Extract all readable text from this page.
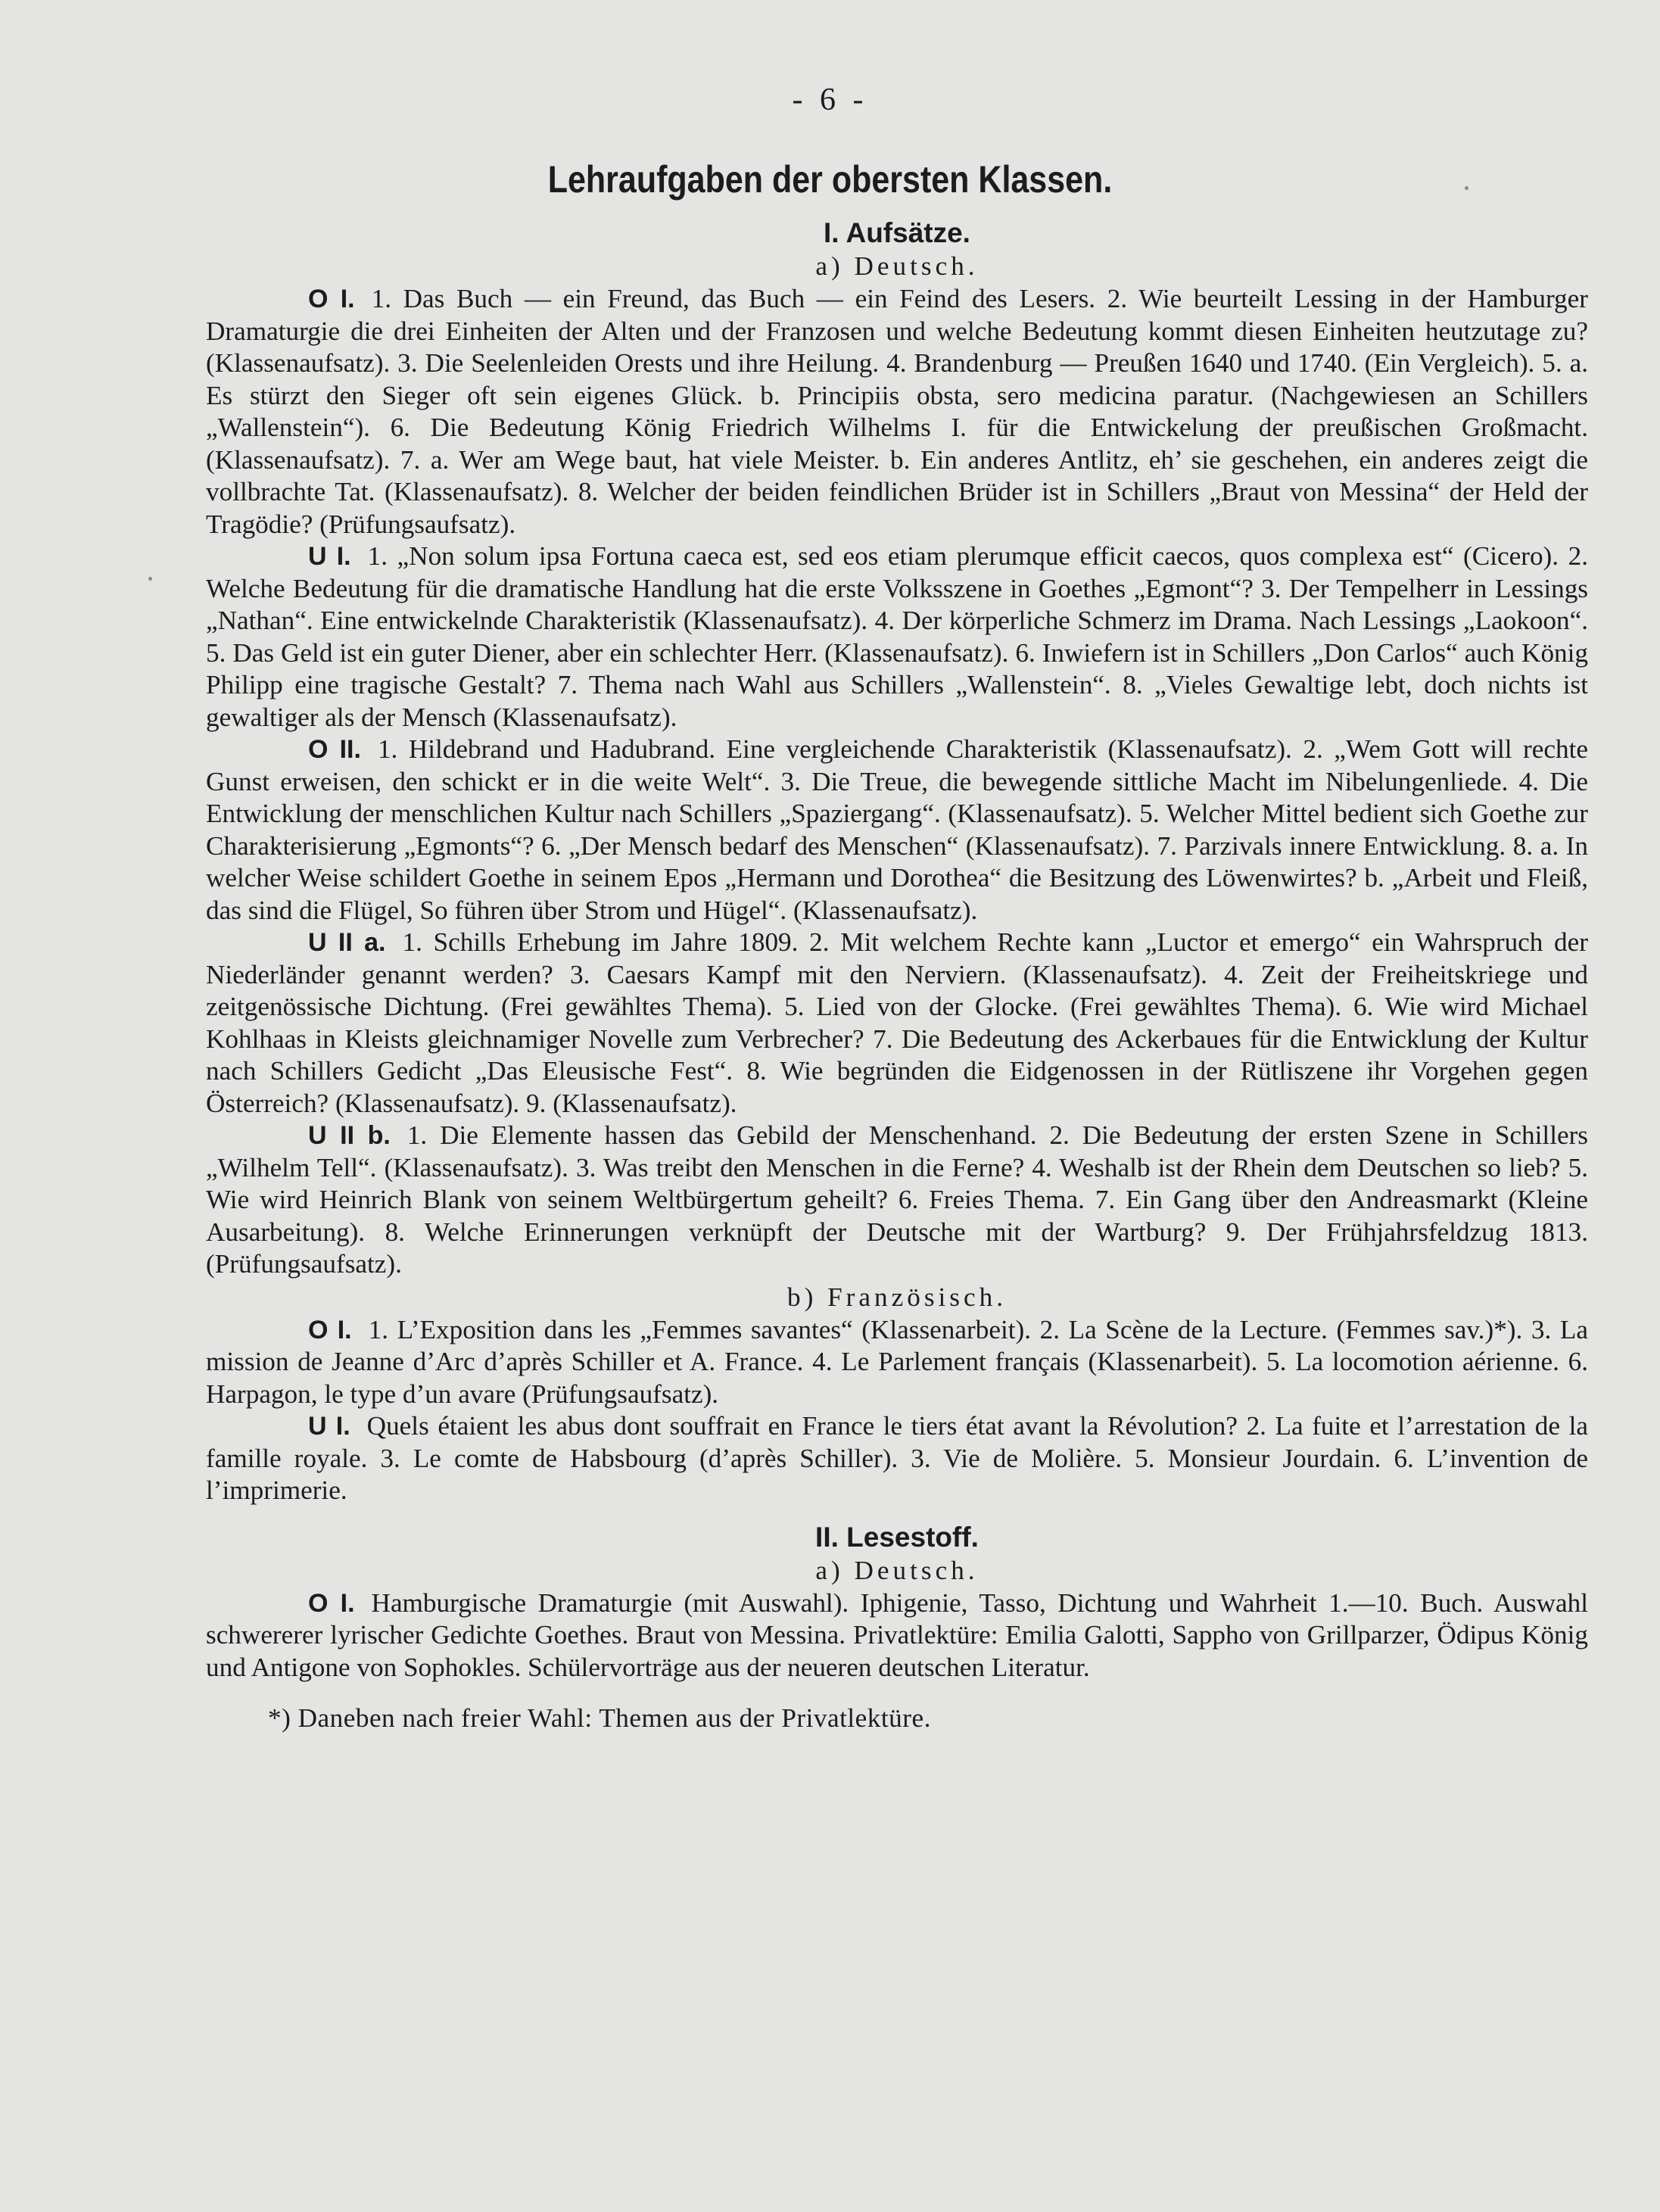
- 6 -
Lehraufgaben der obersten Klassen.

I. Aufsätze.

a) Deutsch.

O I. 1. Das Buch — ein Freund, das Buch — ein Feind des Lesers. 2. Wie beurteilt Lessing in der Hamburger Dramaturgie die drei Einheiten der Alten und der Franzosen und welche Bedeutung kommt diesen Einheiten heutzutage zu? (Klassenaufsatz). 3. Die Seelenleiden Orests und ihre Heilung. 4. Brandenburg — Preußen 1640 und 1740. (Ein Vergleich). 5. a. Es stürzt den Sieger oft sein eigenes Glück. b. Principiis obsta, sero medicina paratur. (Nachgewiesen an Schillers „Wallenstein“). 6. Die Bedeutung König Friedrich Wilhelms I. für die Entwickelung der preußischen Großmacht. (Klassenaufsatz). 7. a. Wer am Wege baut, hat viele Meister. b. Ein anderes Antlitz, eh’ sie geschehen, ein anderes zeigt die vollbrachte Tat. (Klassenaufsatz). 8. Welcher der beiden feindlichen Brüder ist in Schillers „Braut von Messina“ der Held der Tragödie? (Prüfungsaufsatz).

U I. 1. „Non solum ipsa Fortuna caeca est, sed eos etiam plerumque efficit caecos, quos complexa est“ (Cicero). 2. Welche Bedeutung für die dramatische Handlung hat die erste Volksszene in Goethes „Egmont“? 3. Der Tempelherr in Lessings „Nathan“. Eine entwickelnde Charakteristik (Klassenaufsatz). 4. Der körperliche Schmerz im Drama. Nach Lessings „Laokoon“. 5. Das Geld ist ein guter Diener, aber ein schlechter Herr. (Klassenaufsatz). 6. Inwiefern ist in Schillers „Don Carlos“ auch König Philipp eine tragische Gestalt? 7. Thema nach Wahl aus Schillers „Wallenstein“. 8. „Vieles Gewaltige lebt, doch nichts ist gewaltiger als der Mensch (Klassenaufsatz).

O II. 1. Hildebrand und Hadubrand. Eine vergleichende Charakteristik (Klassenaufsatz). 2. „Wem Gott will rechte Gunst erweisen, den schickt er in die weite Welt“. 3. Die Treue, die bewegende sittliche Macht im Nibelungenliede. 4. Die Entwicklung der menschlichen Kultur nach Schillers „Spaziergang“. (Klassenaufsatz). 5. Welcher Mittel bedient sich Goethe zur Charakterisierung „Egmonts“? 6. „Der Mensch bedarf des Menschen“ (Klassenaufsatz). 7. Parzivals innere Entwicklung. 8. a. In welcher Weise schildert Goethe in seinem Epos „Hermann und Dorothea“ die Besitzung des Löwenwirtes? b. „Arbeit und Fleiß, das sind die Flügel, So führen über Strom und Hügel“. (Klassenaufsatz).

U II a. 1. Schills Erhebung im Jahre 1809. 2. Mit welchem Rechte kann „Luctor et emergo“ ein Wahrspruch der Niederländer genannt werden? 3. Caesars Kampf mit den Nerviern. (Klassenaufsatz). 4. Zeit der Freiheitskriege und zeitgenössische Dichtung. (Frei gewähltes Thema). 5. Lied von der Glocke. (Frei gewähltes Thema). 6. Wie wird Michael Kohlhaas in Kleists gleichnamiger Novelle zum Verbrecher? 7. Die Bedeutung des Ackerbaues für die Entwicklung der Kultur nach Schillers Gedicht „Das Eleusische Fest“. 8. Wie begründen die Eidgenossen in der Rütliszene ihr Vorgehen gegen Österreich? (Klassenaufsatz). 9. (Klassenaufsatz).

U II b. 1. Die Elemente hassen das Gebild der Menschenhand. 2. Die Bedeutung der ersten Szene in Schillers „Wilhelm Tell“. (Klassenaufsatz). 3. Was treibt den Menschen in die Ferne? 4. Weshalb ist der Rhein dem Deutschen so lieb? 5. Wie wird Heinrich Blank von seinem Weltbürgertum geheilt? 6. Freies Thema. 7. Ein Gang über den Andreasmarkt (Kleine Ausarbeitung). 8. Welche Erinnerungen verknüpft der Deutsche mit der Wartburg? 9. Der Frühjahrsfeldzug 1813. (Prüfungsaufsatz).

b) Französisch.

O I. 1. L’Exposition dans les „Femmes savantes“ (Klassenarbeit). 2. La Scène de la Lecture. (Femmes sav.)*). 3. La mission de Jeanne d’Arc d’après Schiller et A. France. 4. Le Parlement français (Klassenarbeit). 5. La locomotion aérienne. 6. Harpagon, le type d’un avare (Prüfungsaufsatz).

U I. Quels étaient les abus dont souffrait en France le tiers état avant la Révolution? 2. La fuite et l’arrestation de la famille royale. 3. Le comte de Habsbourg (d’après Schiller). 3. Vie de Molière. 5. Monsieur Jourdain. 6. L’invention de l’imprimerie.

II. Lesestoff.

a) Deutsch.

O I. Hamburgische Dramaturgie (mit Auswahl). Iphigenie, Tasso, Dichtung und Wahrheit 1.—10. Buch. Auswahl schwererer lyrischer Gedichte Goethes. Braut von Messina. Privatlektüre: Emilia Galotti, Sappho von Grillparzer, Ödipus König und Antigone von Sophokles. Schülervorträge aus der neueren deutschen Literatur.

*) Daneben nach freier Wahl: Themen aus der Privatlektüre.
